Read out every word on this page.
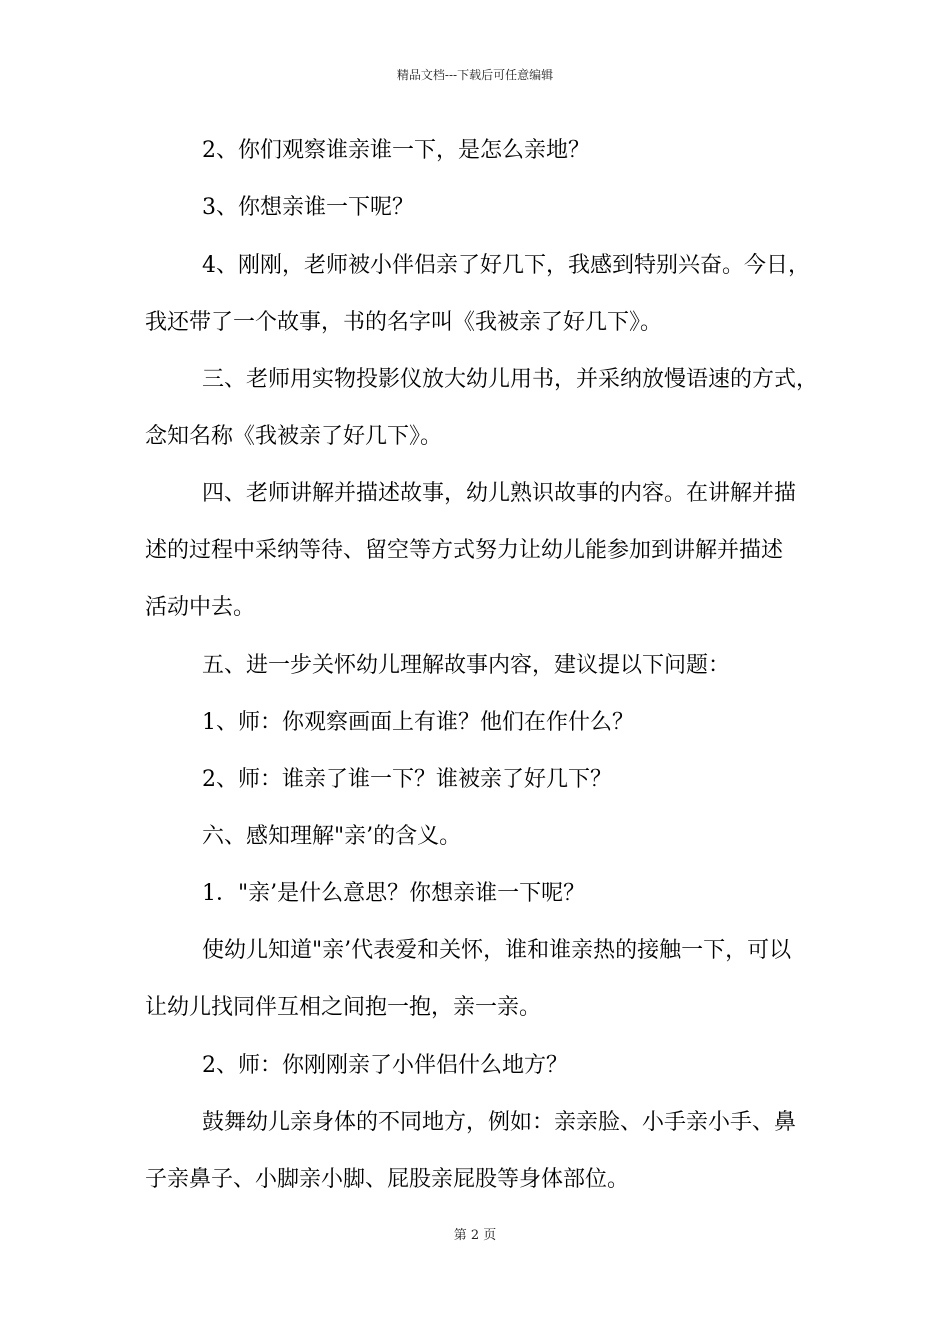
精品文档---下载后可任意编辑
2、你们观察谁亲谁一下，是怎么亲地？
3、你想亲谁一下呢？
4、刚刚，老师被小伴侣亲了好几下，我感到特别兴奋。今日，
我还带了一个故事，书的名字叫《我被亲了好几下》。
三、老师用实物投影仪放大幼儿用书，并采纳放慢语速的方式，
念知名称《我被亲了好几下》。
四、老师讲解并描述故事，幼儿熟识故事的内容。在讲解并描
述的过程中采纳等待、留空等方式努力让幼儿能参加到讲解并描述
活动中去。
五、进一步关怀幼儿理解故事内容，建议提以下问题：
1、师：你观察画面上有谁？他们在作什么？
2、师：谁亲了谁一下？谁被亲了好几下？
六、感知理解"亲’的含义。
1．"亲’是什么意思？你想亲谁一下呢？
使幼儿知道"亲’代表爱和关怀，谁和谁亲热的接触一下，可以
让幼儿找同伴互相之间抱一抱，亲一亲。
2、师：你刚刚亲了小伴侣什么地方？
鼓舞幼儿亲身体的不同地方，例如：亲亲脸、小手亲小手、鼻
子亲鼻子、小脚亲小脚、屁股亲屁股等身体部位。
第 2 页
